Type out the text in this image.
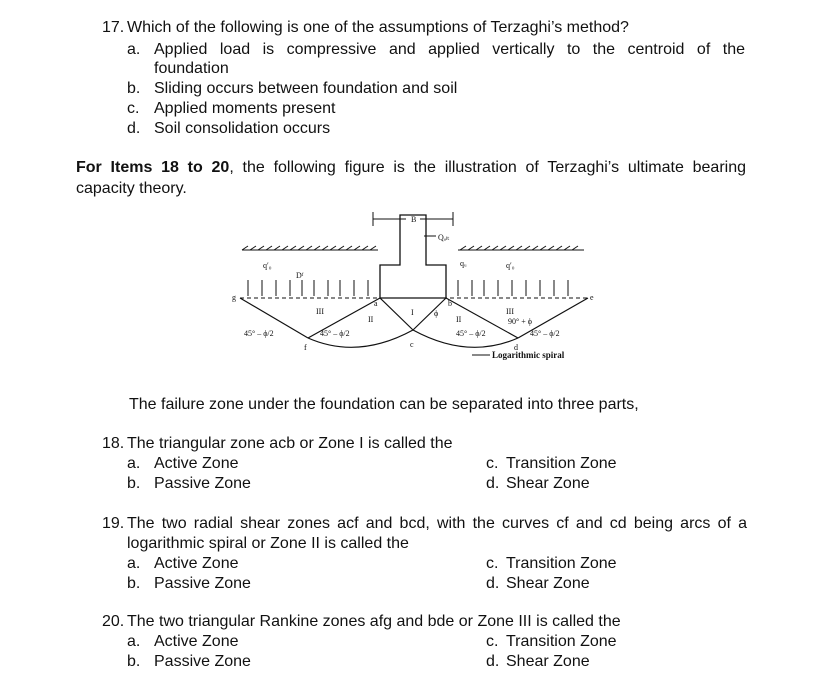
17. Which of the following is one of the assumptions of Terzaghi’s method?
a. Applied load is compressive and applied vertically to the centroid of the
foundation
b. Sliding occurs between foundation and soil
c. Applied moments present
d. Soil consolidation occurs
For Items 18 to 20, the following figure is the illustration of Terzaghi’s ultimate bearing
capacity theory.
B
Qₐₗₜ
q′₀	q′₀
qᵤ
Dᶠ
III
II
I
II
III
45° – ϕ/2	45° – ϕ/2	45° – ϕ/2	45° – ϕ/2
90° + ϕ
g
f	c	d
e
a	b
ϕ
Logarithmic spiral
The failure zone under the foundation can be separated into three parts,
18. The triangular zone acb or Zone I is called the
a. Active Zone
b. Passive Zone
c. Transition Zone
d. Shear Zone
19. The two radial shear zones acf and bcd, with the curves cf and cd being arcs of a
logarithmic spiral or Zone II is called the
a. Active Zone
b. Passive Zone
c. Transition Zone
d. Shear Zone
20. The two triangular Rankine zones afg and bde or Zone III is called the
a. Active Zone
b. Passive Zone
c. Transition Zone
d. Shear Zone
